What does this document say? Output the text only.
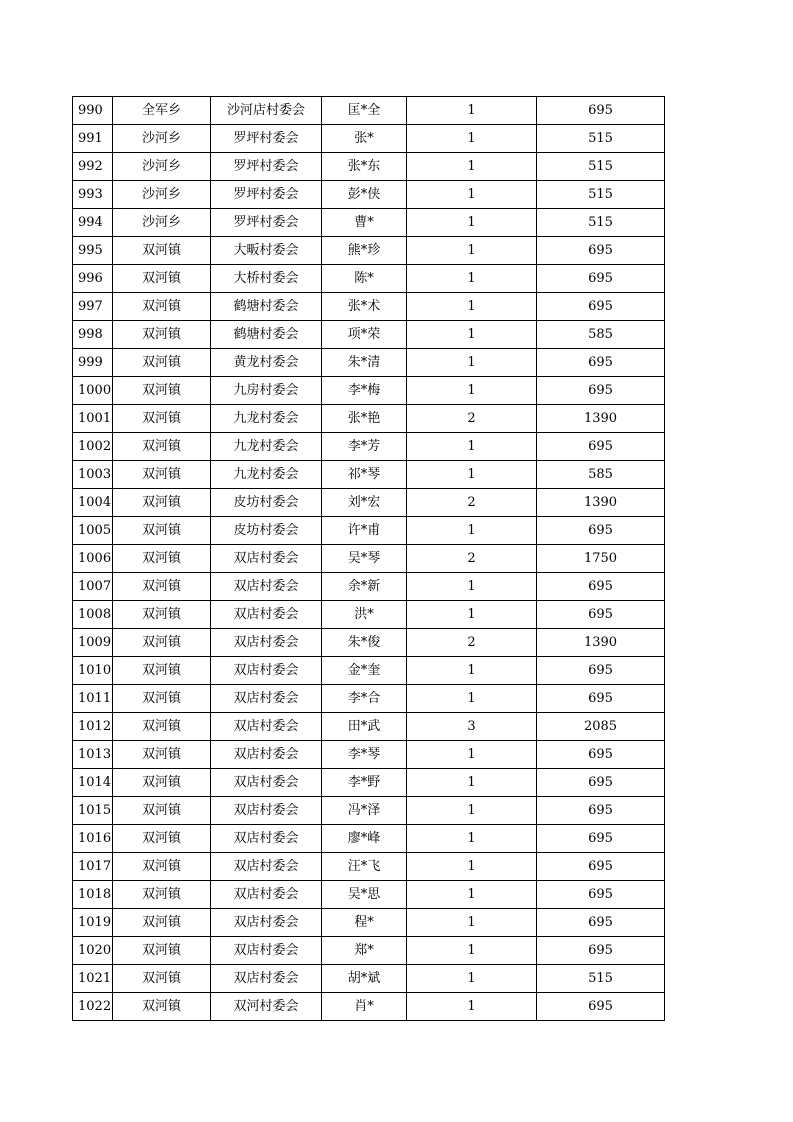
990	全军乡	沙河店村委会	匡*全	1	695
991	沙河乡	罗坪村委会	张*	1	515
992	沙河乡	罗坪村委会	张*东	1	515
993	沙河乡	罗坪村委会	彭*侠	1	515
994	沙河乡	罗坪村委会	曹*	1	515
995	双河镇	大畈村委会	熊*珍	1	695
996	双河镇	大桥村委会	陈*	1	695
997	双河镇	鹤塘村委会	张*术	1	695
998	双河镇	鹤塘村委会	项*荣	1	585
999	双河镇	黄龙村委会	朱*清	1	695
1000	双河镇	九房村委会	李*梅	1	695
1001	双河镇	九龙村委会	张*艳	2	1390
1002	双河镇	九龙村委会	李*芳	1	695
1003	双河镇	九龙村委会	祁*琴	1	585
1004	双河镇	皮坊村委会	刘*宏	2	1390
1005	双河镇	皮坊村委会	许*甫	1	695
1006	双河镇	双店村委会	吴*琴	2	1750
1007	双河镇	双店村委会	余*新	1	695
1008	双河镇	双店村委会	洪*	1	695
1009	双河镇	双店村委会	朱*俊	2	1390
1010	双河镇	双店村委会	金*奎	1	695
1011	双河镇	双店村委会	李*合	1	695
1012	双河镇	双店村委会	田*武	3	2085
1013	双河镇	双店村委会	李*琴	1	695
1014	双河镇	双店村委会	李*野	1	695
1015	双河镇	双店村委会	冯*泽	1	695
1016	双河镇	双店村委会	廖*峰	1	695
1017	双河镇	双店村委会	汪*飞	1	695
1018	双河镇	双店村委会	吴*思	1	695
1019	双河镇	双店村委会	程*	1	695
1020	双河镇	双店村委会	郑*	1	695
1021	双河镇	双店村委会	胡*斌	1	515
1022	双河镇	双河村委会	肖*	1	695
